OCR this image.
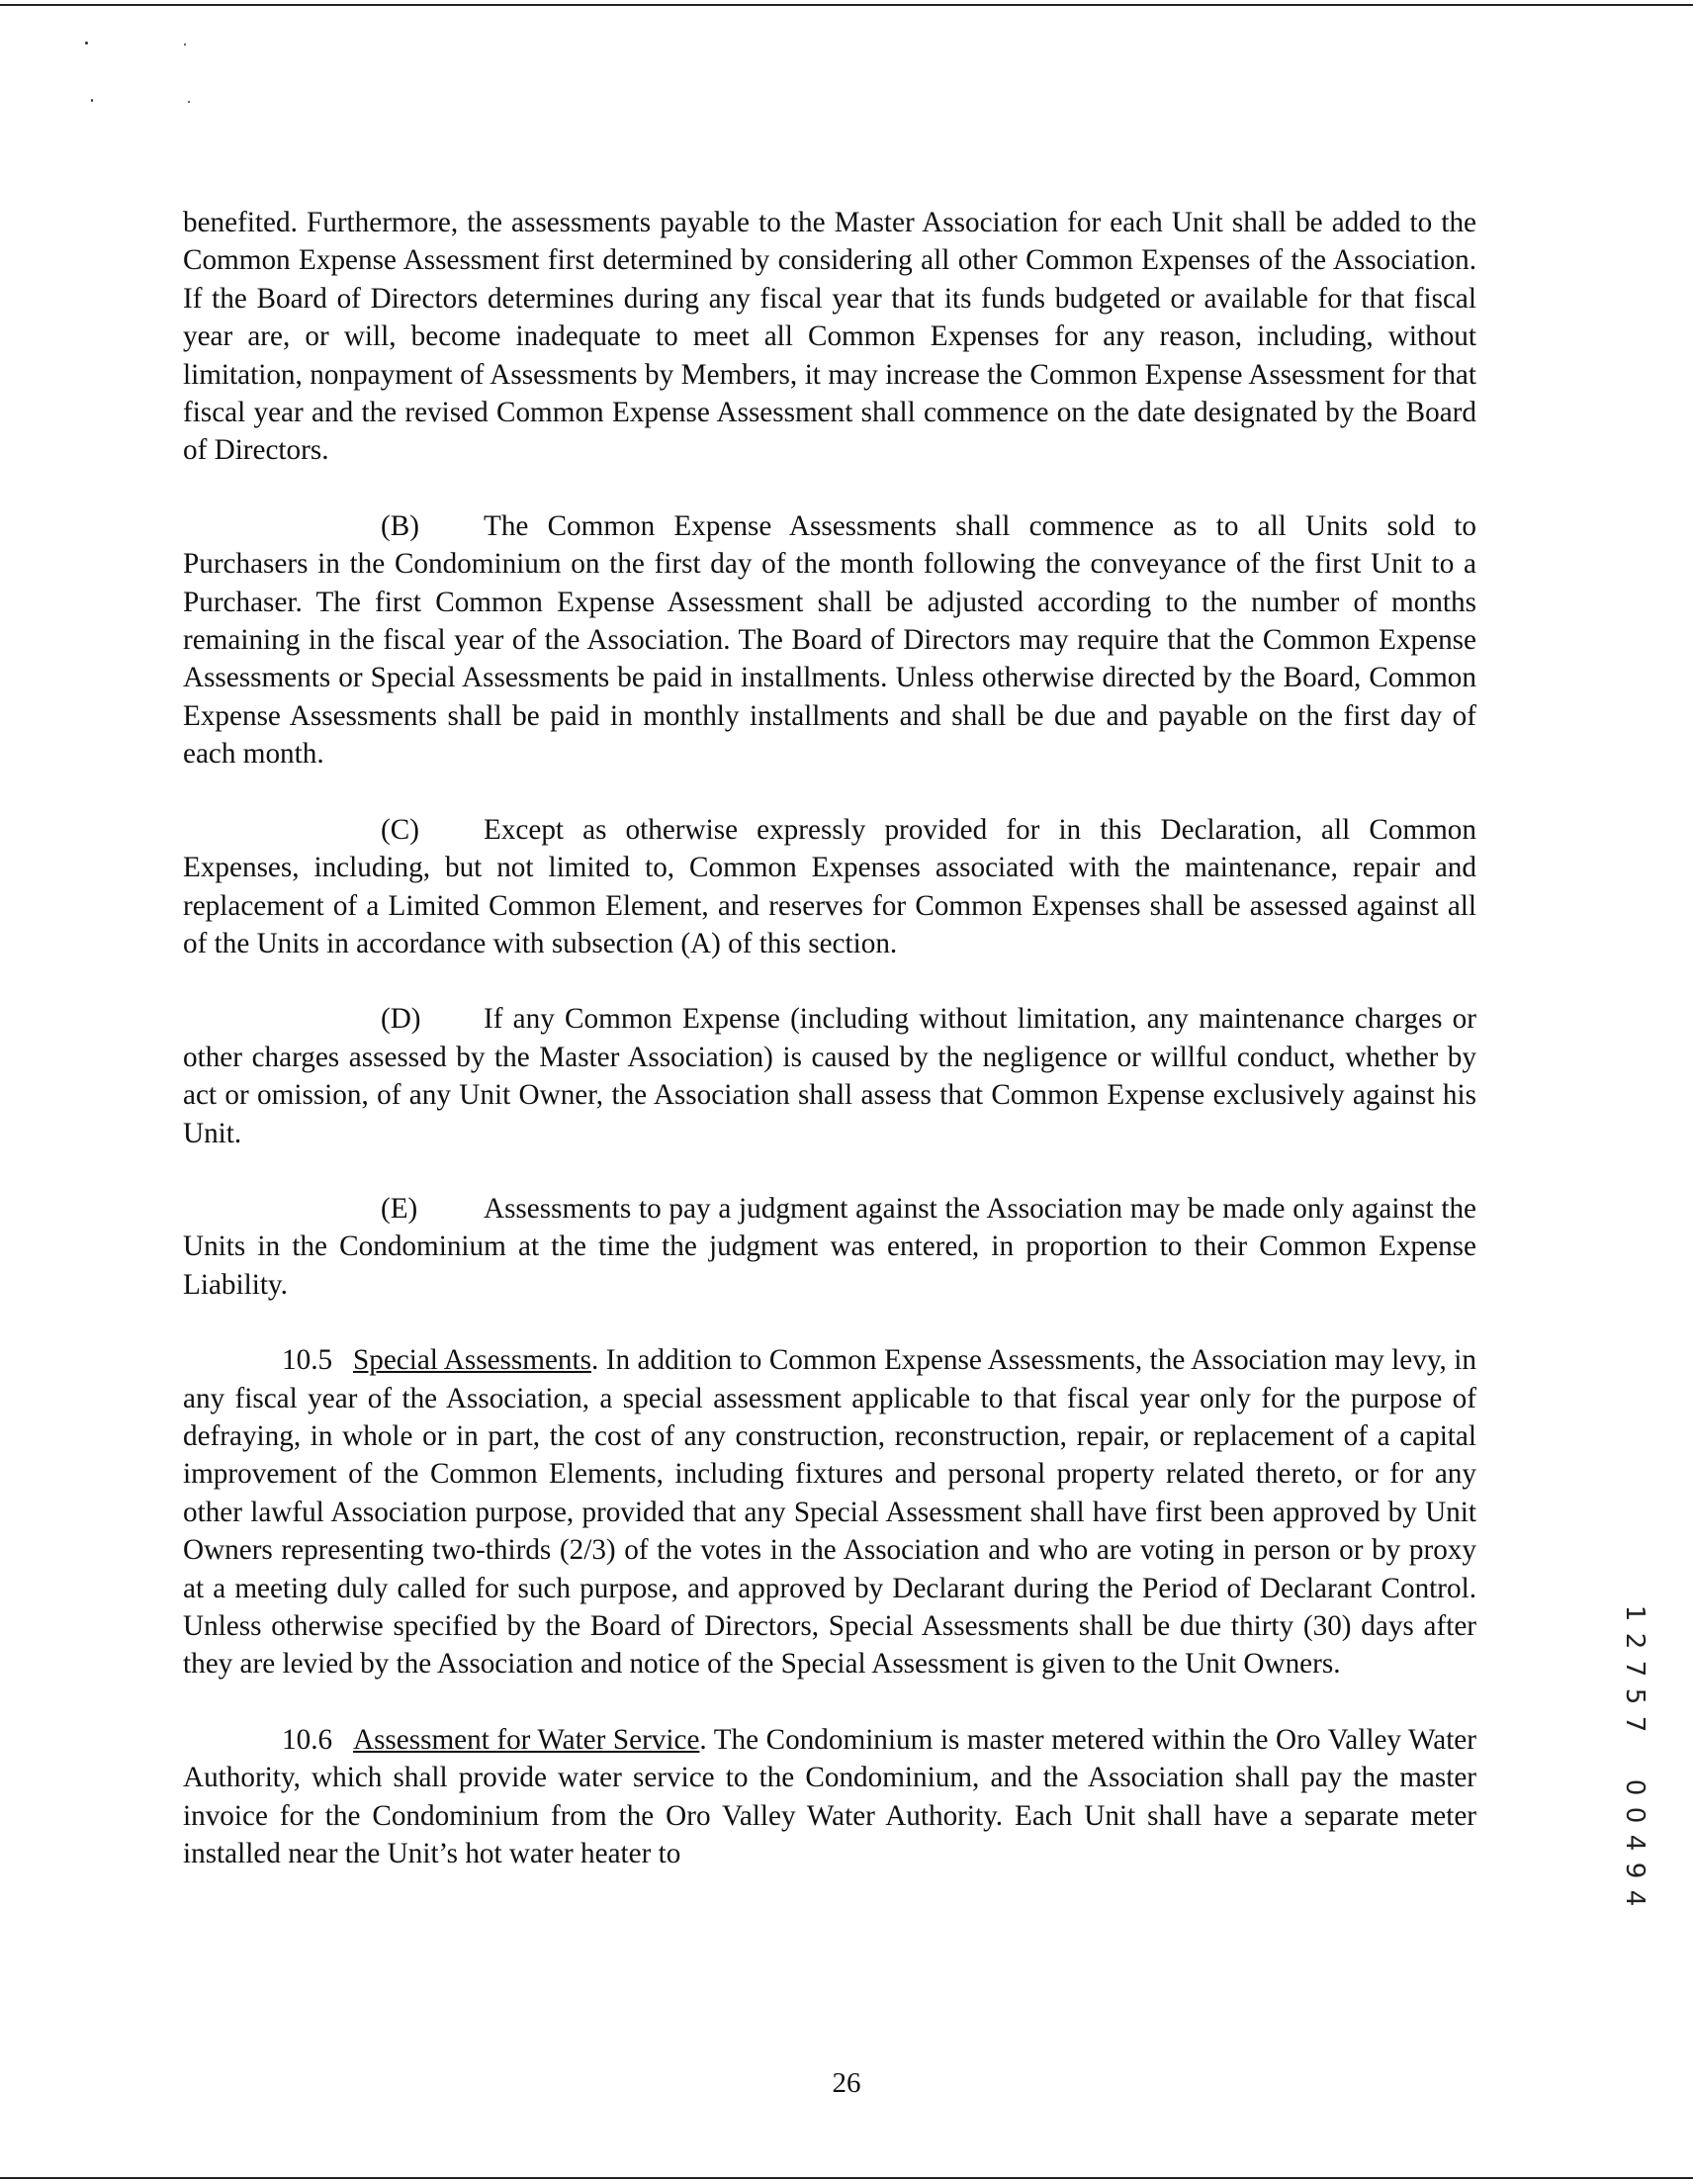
benefited. Furthermore, the assessments payable to the Master Association for each Unit shall be added to the Common Expense Assessment first determined by considering all other Common Expenses of the Association. If the Board of Directors determines during any fiscal year that its funds budgeted or available for that fiscal year are, or will, become inadequate to meet all Common Expenses for any reason, including, without limitation, nonpayment of Assessments by Members, it may increase the Common Expense Assessment for that fiscal year and the revised Common Expense Assessment shall commence on the date designated by the Board of Directors.

(B) The Common Expense Assessments shall commence as to all Units sold to Purchasers in the Condominium on the first day of the month following the conveyance of the first Unit to a Purchaser. The first Common Expense Assessment shall be adjusted according to the number of months remaining in the fiscal year of the Association. The Board of Directors may require that the Common Expense Assessments or Special Assessments be paid in installments. Unless otherwise directed by the Board, Common Expense Assessments shall be paid in monthly installments and shall be due and payable on the first day of each month.

(C) Except as otherwise expressly provided for in this Declaration, all Common Expenses, including, but not limited to, Common Expenses associated with the maintenance, repair and replacement of a Limited Common Element, and reserves for Common Expenses shall be assessed against all of the Units in accordance with subsection (A) of this section.

(D) If any Common Expense (including without limitation, any maintenance charges or other charges assessed by the Master Association) is caused by the negligence or willful conduct, whether by act or omission, of any Unit Owner, the Association shall assess that Common Expense exclusively against his Unit.

(E) Assessments to pay a judgment against the Association may be made only against the Units in the Condominium at the time the judgment was entered, in proportion to their Common Expense Liability.

10.5 Special Assessments. In addition to Common Expense Assessments, the Association may levy, in any fiscal year of the Association, a special assessment applicable to that fiscal year only for the purpose of defraying, in whole or in part, the cost of any construction, reconstruction, repair, or replacement of a capital improvement of the Common Elements, including fixtures and personal property related thereto, or for any other lawful Association purpose, provided that any Special Assessment shall have first been approved by Unit Owners representing two-thirds (2/3) of the votes in the Association and who are voting in person or by proxy at a meeting duly called for such purpose, and approved by Declarant during the Period of Declarant Control. Unless otherwise specified by the Board of Directors, Special Assessments shall be due thirty (30) days after they are levied by the Association and notice of the Special Assessment is given to the Unit Owners.

10.6 Assessment for Water Service. The Condominium is master metered within the Oro Valley Water Authority, which shall provide water service to the Condominium, and the Association shall pay the master invoice for the Condominium from the Oro Valley Water Authority. Each Unit shall have a separate meter installed near the Unit’s hot water heater to

26
1
2
7
5
7
0
0
4
9
4
